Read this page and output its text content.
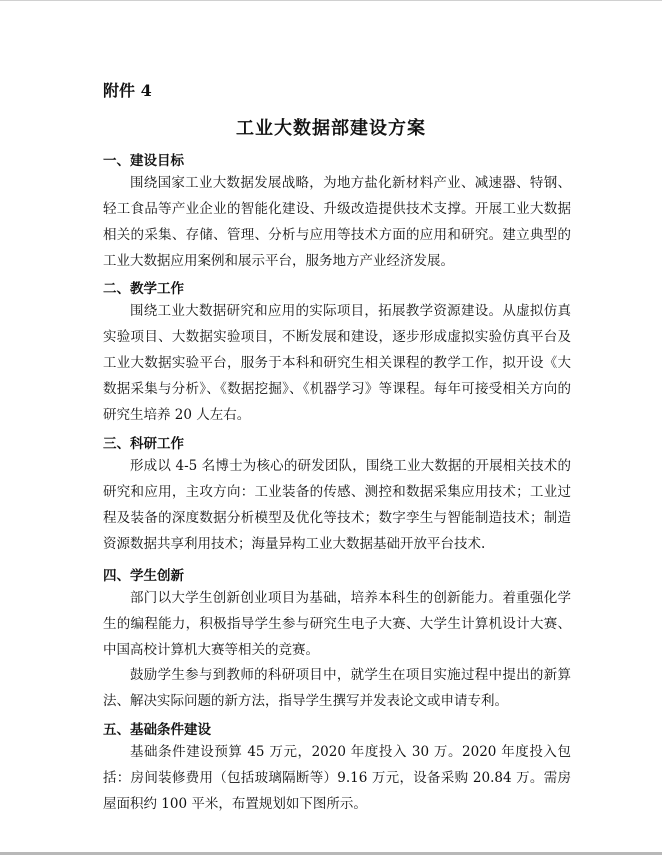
附件 4
工业大数据部建设方案
一、建设目标

围绕国家工业大数据发展战略，为地方盐化新材料产业、减速器、特钢、轻工食品等产业企业的智能化建设、升级改造提供技术支撑。开展工业大数据相关的采集、存储、管理、分析与应用等技术方面的应用和研究。建立典型的工业大数据应用案例和展示平台，服务地方产业经济发展。

二、教学工作

围绕工业大数据研究和应用的实际项目，拓展教学资源建设。从虚拟仿真实验项目、大数据实验项目，不断发展和建设，逐步形成虚拟实验仿真平台及工业大数据实验平台，服务于本科和研究生相关课程的教学工作，拟开设《大数据采集与分析》、《数据挖掘》、《机器学习》等课程。每年可接受相关方向的研究生培养 20 人左右。

三、科研工作

形成以 4-5 名博士为核心的研发团队，围绕工业大数据的开展相关技术的研究和应用，主攻方向：工业装备的传感、测控和数据采集应用技术；工业过程及装备的深度数据分析模型及优化等技术；数字孪生与智能制造技术；制造资源数据共享利用技术；海量异构工业大数据基础开放平台技术.

四、学生创新

部门以大学生创新创业项目为基础，培养本科生的创新能力。着重强化学生的编程能力，积极指导学生参与研究生电子大赛、大学生计算机设计大赛、中国高校计算机大赛等相关的竞赛。

鼓励学生参与到教师的科研项目中，就学生在项目实施过程中提出的新算法、解决实际问题的新方法，指导学生撰写并发表论文或申请专利。

五、基础条件建设

基础条件建设预算 45 万元，2020 年度投入 30 万。2020 年度投入包括：房间装修费用（包括玻璃隔断等）9.16 万元，设备采购 20.84 万。需房屋面积约 100 平米，布置规划如下图所示。
